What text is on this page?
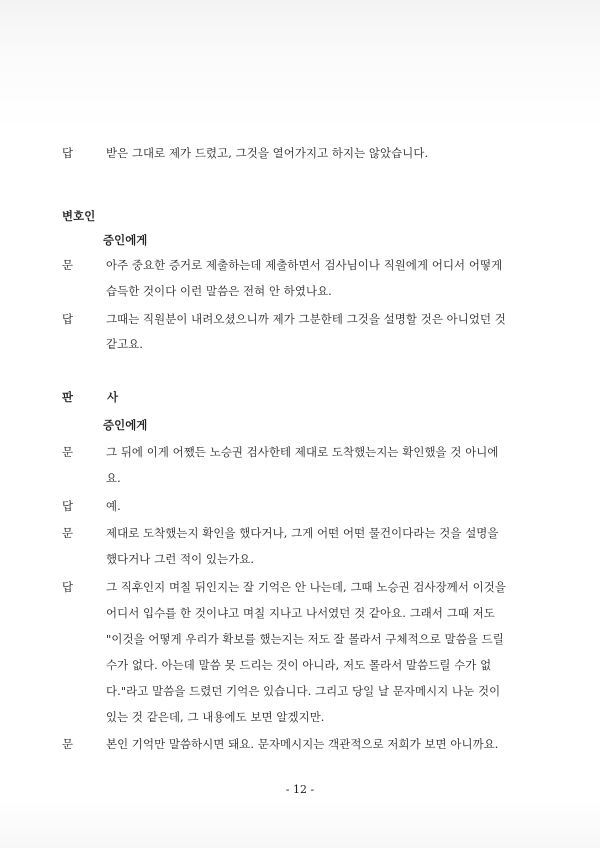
답	받은 그대로 제가 드렸고, 그것을 열어가지고 하지는 않았습니다.
변호인
증인에게
문	아주 중요한 증거로 제출하는데 제출하면서 검사님이나 직원에게 어디서 어떻게
습득한 것이다 이런 말씀은 전혀 안 하였나요.
답	그때는 직원분이 내려오셨으니까 제가 그분한테 그것을 설명할 것은 아니었던 것
같고요.
판 사
증인에게
문	그 뒤에 이게 어쨌든 노승권 검사한테 제대로 도착했는지는 확인했을 것 아니에
요.
답	예.
문	제대로 도착했는지 확인을 했다거나, 그게 어떤 어떤 물건이다라는 것을 설명을
했다거나 그런 적이 있는가요.
답	그 직후인지 며칠 뒤인지는 잘 기억은 안 나는데, 그때 노승권 검사장께서 이것을
어디서 입수를 한 것이냐고 며칠 지나고 나서였던 것 같아요. 그래서 그때 저도
"이것을 어떻게 우리가 확보를 했는지는 저도 잘 몰라서 구체적으로 말씀을 드릴
수가 없다. 아는데 말씀 못 드리는 것이 아니라, 저도 몰라서 말씀드릴 수가 없
다."라고 말씀을 드렸던 기억은 있습니다. 그리고 당일 날 문자메시지 나눈 것이
있는 것 같은데, 그 내용에도 보면 알겠지만.
문	본인 기억만 말씀하시면 돼요. 문자메시지는 객관적으로 저희가 보면 아니까요.
- 12 -
